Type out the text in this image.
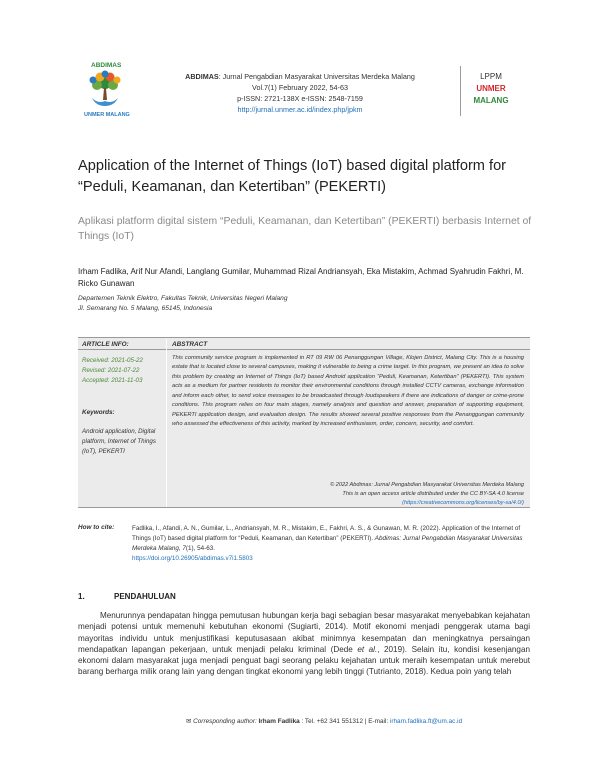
ABDIMAS
UNMER MALANG
ABDIMAS: Jurnal Pengabdian Masyarakat Universitas Merdeka Malang
Vol.7(1) February 2022, 54-63
p-ISSN: 2721-138X e-ISSN: 2548-7159
http://jurnal.unmer.ac.id/index.php/jpkm
LPPM
UNMER
MALANG
Application of the Internet of Things (IoT) based digital platform for “Peduli, Keamanan, dan Ketertiban” (PEKERTI)
Aplikasi platform digital sistem “Peduli, Keamanan, dan Ketertiban” (PEKERTI) berbasis Internet of Things (IoT)
Irham Fadlika, Arif Nur Afandi, Langlang Gumilar, Muhammad Rizal Andriansyah, Eka Mistakim, Achmad Syahrudin Fakhri, M. Ricko Gunawan
Departemen Teknik Elektro, Fakultas Teknik, Universitas Negeri Malang
Jl. Semarang No. 5 Malang, 65145, Indonesia
ARTICLE INFO:	ABSTRACT
Received: 2021-05-22
Revised: 2021-07-22
Accepted: 2021-11-03
Keywords:
Android application, Digital platform, Internet of Things (IoT), PEKERTI
This community service program is implemented in RT 09 RW 06 Penanggungan Village, Klojen District, Malang City. This is a housing estate that is located close to several campuses, making it vulnerable to being a crime target. In this program, we present an idea to solve this problem by creating an Internet of Things (IoT) based Android application “Peduli, Keamanan, Ketertiban” (PEKERTI). This system acts as a medium for partner residents to monitor their environmental conditions through installed CCTV cameras, exchange information and inform each other, to send voice messages to be broadcasted through loudspeakers if there are indications of danger or crime-prone conditions. This program relies on four main stages, namely analysis and question and answer, preparation of supporting equipment, PEKERTI application design, and evaluation design. The results showed several positive responses from the Penanggungan community who assessed the effectiveness of this activity, marked by increased enthusiasm, order, concern, security, and comfort.
© 2022 Abdimas: Jurnal Pengabdian Masyarakat Universitas Merdeka Malang
This is an open access article distributed under the CC BY-SA 4.0 license
(https://creativecommons.org/licenses/by-sa/4.0/)
How to cite:	Fadlika, I., Afandi, A. N., Gumilar, L., Andriansyah, M. R., Mistakim, E., Fakhri, A. S., & Gunawan, M. R. (2022). Application of the Internet of Things (IoT) based digital platform for “Peduli, Keamanan, dan Ketertiban” (PEKERTI). Abdimas: Jurnal Pengabdian Masyarakat Universitas Merdeka Malang, 7(1), 54-63.
https://doi.org/10.26905/abdimas.v7i1.5803
1.	PENDAHULUAN

Menurunnya pendapatan hingga pemutusan hubungan kerja bagi sebagian besar masyarakat menyebabkan kejahatan menjadi potensi untuk memenuhi kebutuhan ekonomi (Sugiarti, 2014). Motif ekonomi menjadi penggerak utama bagi mayoritas individu untuk menjustifikasi keputusasaan akibat minimnya kesempatan dan meningkatnya persaingan mendapatkan lapangan pekerjaan, untuk menjadi pelaku kriminal (Dede et al., 2019). Selain itu, kondisi kesenjangan ekonomi dalam masyarakat juga menjadi penguat bagi seorang pelaku kejahatan untuk meraih kesempatan untuk merebut barang berharga milik orang lain yang dengan tingkat ekonomi yang lebih tinggi (Tutrianto, 2018). Kedua poin yang telah

✉ Corresponding author: Irham Fadlika : Tel. +62 341 551312 | E-mail: irham.fadlika.ft@um.ac.id
